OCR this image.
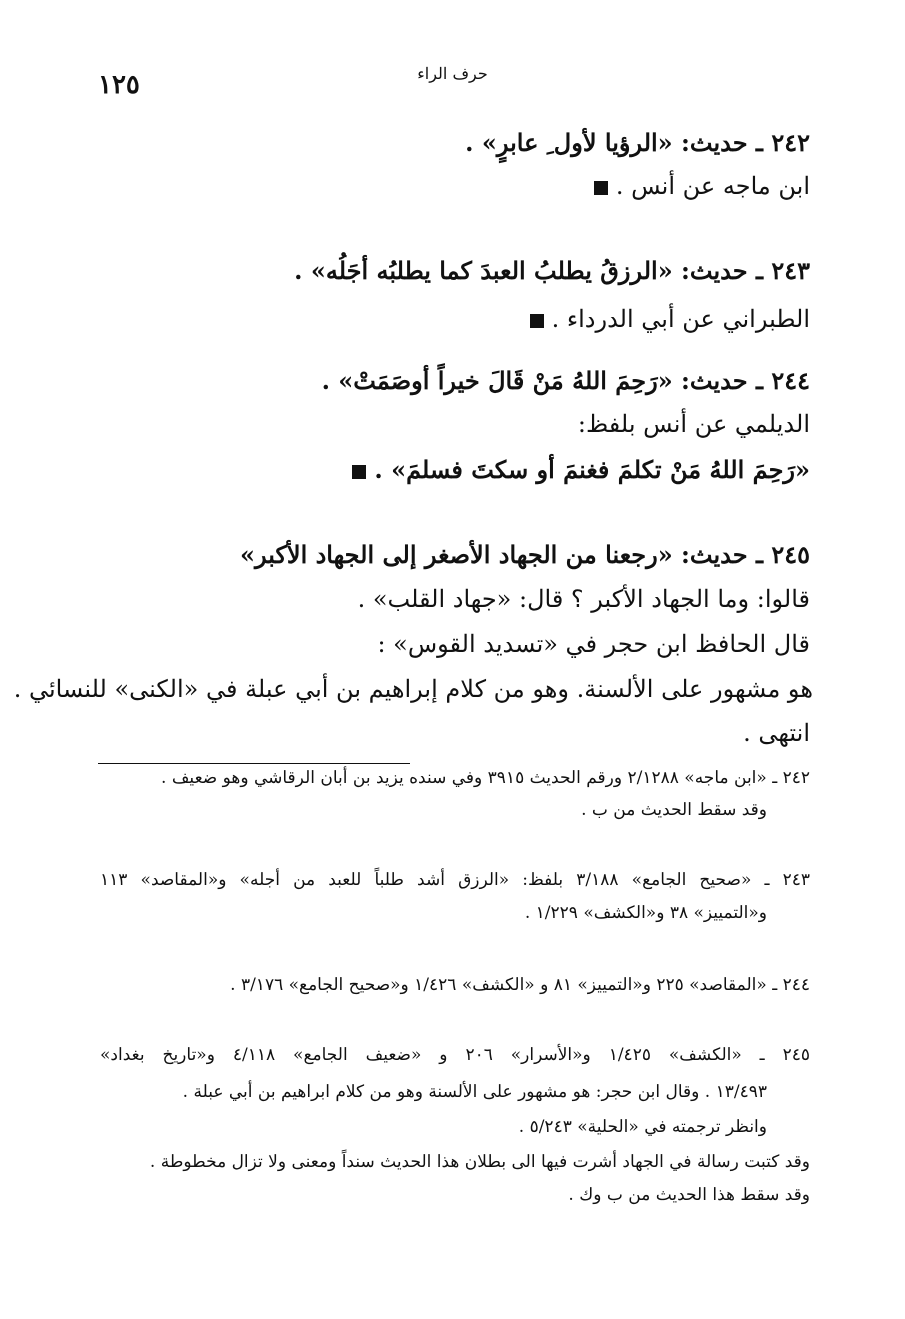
١٢٥	حرف الراء
٢٤٢ ـ حديث: «الرؤيا لأول ِ عابرٍ» .
ابن ماجه عن أنس .
٢٤٣ ـ حديث: «الرزقُ يطلبُ العبدَ كما يطلبُه أجَلُه» .
الطبراني عن أبي الدرداء .
٢٤٤ ـ حديث: «رَحِمَ اللهُ مَنْ قَالَ خيراً أوصَمَتْ» .
الديلمي عن أنس بلفظ:
«رَحِمَ اللهُ مَنْ تكلمَ فغنمَ أو سكتَ فسلمَ» .
٢٤٥ ـ حديث: «رجعنا من الجهاد الأصغر إلى الجهاد الأكبر»
قالوا: وما الجهاد الأكبر ؟ قال: «جهاد القلب» .
قال الحافظ ابن حجر في «تسديد القوس» :
هو مشهور على الألسنة. وهو من كلام إبراهيم بن أبي عبلة في «الكنى» للنسائي .
انتهى .
٢٤٢ ـ «ابن ماجه» ٢/١٢٨٨ ورقم الحديث ٣٩١٥ وفي سنده يزيد بن أبان الرقاشي وهو ضعيف .
وقد سقط الحديث من ب .
٢٤٣ ـ «صحيح الجامع» ٣/١٨٨ بلفظ: «الرزق أشد طلباً للعبد من أجله» و«المقاصد» ١١٣
و«التمييز» ٣٨ و«الكشف» ١/٢٢٩ .
٢٤٤ ـ «المقاصد» ٢٢٥ و«التمييز» ٨١ و «الكشف» ١/٤٢٦ و«صحيح الجامع» ٣/١٧٦ .
٢٤٥ ـ «الكشف» ١/٤٢٥ و«الأسرار» ٢٠٦ و «ضعيف الجامع» ٤/١١٨ و«تاريخ بغداد»
١٣/٤٩٣ . وقال ابن حجر: هو مشهور على الألسنة وهو من كلام ابراهيم بن أبي عبلة .
وانظر ترجمته في «الحلية» ٥/٢٤٣ .
وقد كتبت رسالة في الجهاد أشرت فيها الى بطلان هذا الحديث سنداً ومعنى ولا تزال مخطوطة .
وقد سقط هذا الحديث من ب وك .
